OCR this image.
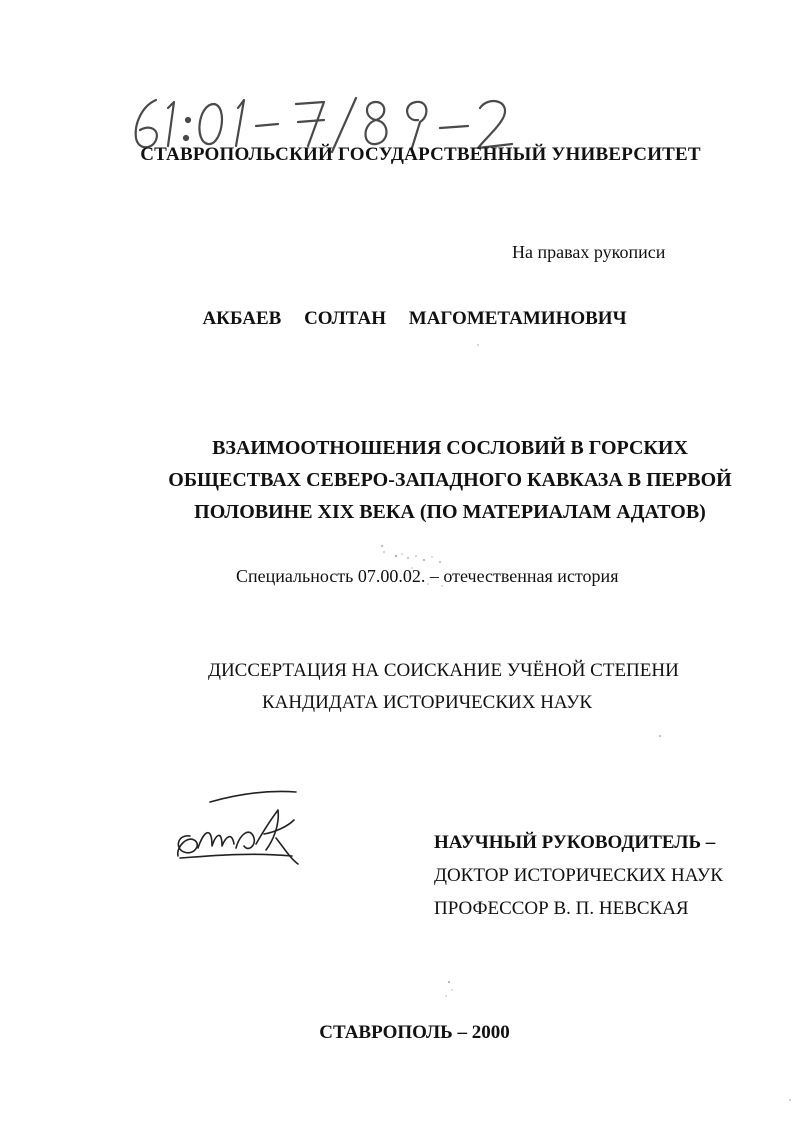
СТАВРОПОЛЬСКИЙ ГОСУДАРСТВЕННЫЙ УНИВЕРСИТЕТ
На правах рукописи
АКБАЕВ СОЛТАН МАГОМЕТАМИНОВИЧ
ВЗАИМООТНОШЕНИЯ СОСЛОВИЙ В ГОРСКИХ
ОБЩЕСТВАХ СЕВЕРО-ЗАПАДНОГО КАВКАЗА В ПЕРВОЙ
ПОЛОВИНЕ XIX ВЕКА (ПО МАТЕРИАЛАМ АДАТОВ)
Специальность 07.00.02. – отечественная история
ДИССЕРТАЦИЯ НА СОИСКАНИЕ УЧЁНОЙ СТЕПЕНИ
КАНДИДАТА ИСТОРИЧЕСКИХ НАУК
НАУЧНЫЙ РУКОВОДИТЕЛЬ –
ДОКТОР ИСТОРИЧЕСКИХ НАУК
ПРОФЕССОР В. П. НЕВСКАЯ
СТАВРОПОЛЬ – 2000
